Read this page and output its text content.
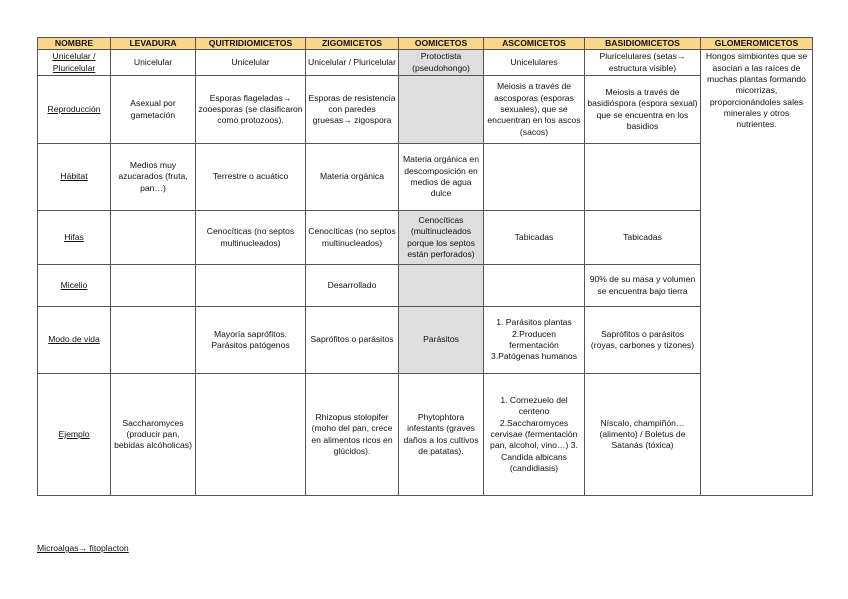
NOMBRE	LEVADURA	QUITRIDIOMICETOS	ZIGOMICETOS	OOMICETOS	ASCOMICETOS	BASIDIOMICETOS	GLOMEROMICETOS
Unicelular / Pluricelular	Unicelular	Unicelular	Unicelular / Pluricelular	Protoctista (pseudohongo)	Unicelulares	Pluricelulares (setas→ estructura visible)	Hongos simbiontes que se asocian a las raíces de muchas plantas formando micorrizas, proporcionándoles sales minerales y otros nutrientes.
Reproducción	Asexual por gametación	Esporas flageladas→ zooesporas (se clasificaron como protozoos).	Esporas de resistencia con paredes gruesas→ zigospora		Meiosis a través de ascosporas (esporas sexuales), que se encuentran en los ascos (sacos)	Meiosis a través de basidióspora (espora sexual) que se encuentra en los basidios	
Hábitat	Medios muy azucarados (fruta, pan…)	Terrestre o acuático	Materia orgánica	Materia orgánica en descomposición en medios de agua dulce			
Hifas		Cenocíticas (no septos multinucleados)	Cenocíticas (no septos multinucleados)	Cenocíticas (multinucleados porque los septos están perforados)	Tabicadas	Tabicadas	
Micelio			Desarrollado			90% de su masa y volumen se encuentra bajo tierra	
Modo de vida		Mayoría saprófitos. Parásitos patógenos	Saprófitos o parásitos	Parásitos	1. Parásitos plantas 2.Producen fermentación 3.Patógenas humanos	Saprófitos o parásitos (royas, carbones y tizones)	
Ejemplo	Saccharomyces (producir pan, bebidas alcóholicas)		Rhizopus stolopifer (moho del pan, crece en alimentos ricos en glúcidos).	Phytophtora infestants (graves daños a los cultivos de patatas).	1. Cornezuelo del centeno 2.Saccharomyces cervisae (fermentación pan, alcohol, vino…) 3. Candida albicans (candidiasis)	Níscalo, champiñón… (alimento) / Boletus de Satanás (tóxica)	
Microalgas→ fitoplacton
